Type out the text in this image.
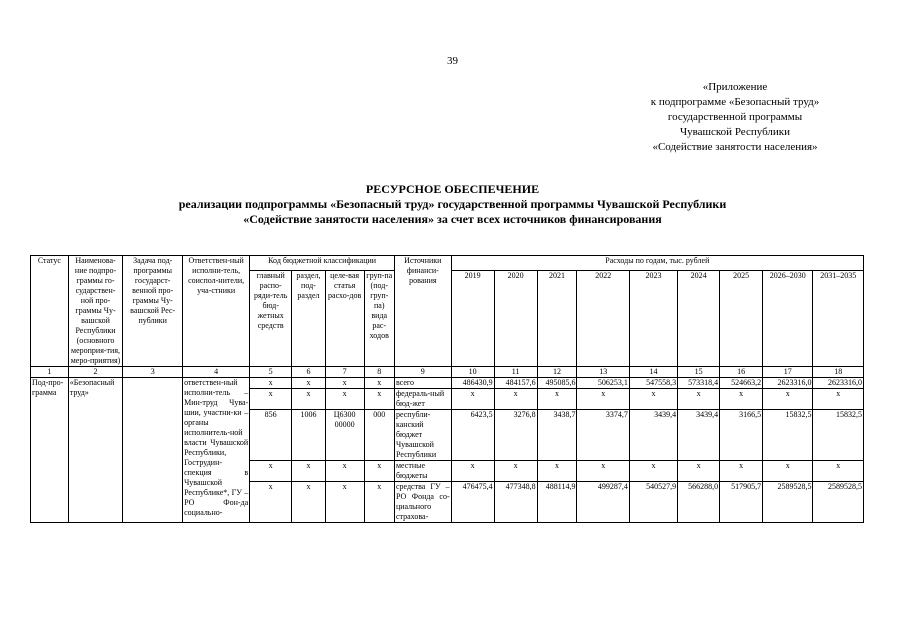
39
«Приложение
к подпрограмме «Безопасный труд»
государственной программы
Чувашской Республики
«Содействие занятости населения»
РЕСУРСНОЕ ОБЕСПЕЧЕНИЕ
реализации подпрограммы «Безопасный труд» государственной программы Чувашской Республики
«Содействие занятости населения» за счет всех источников финансирования
Статус	Наименова-ние подпро-граммы го-сударствен-ной про-граммы Чу-вашской Республики (основного мероприя-тия, меро-приятия)	Задача под-программы государст-венной про-граммы Чу-вашской Рес-публики	Ответствен-ный исполни-тель, соиспол-нители, уча-стники	Код бюджетной классификации				Источники финанси-рования	Расходы по годам, тыс. рублей								
				главный распо-ряди-тель бюд-жетных средств	раздел, под-раздел	целе-вая статья расхо-дов	груп-па (под-груп-па) вида рас-ходов		2019	2020	2021	2022	2023	2024	2025	2026–2030	2031–2035
1	2	3	4	5	6	7	8	9	10	11	12	13	14	15	16	17	18
Под-про-грамма	«Безопасный труд»		ответствен-ный исполни-тель – Мин-труд Чува-шии, участни-ки – органы исполнитель-ной власти Чувашской Республики, Гострудин-спекция в Чувашской Республике*, ГУ – РО Фон-да социально-	x	x	x	x	всего	486430,9	484157,6	495085,6	506253,1	547558,3	573318,4	524663,2	2623316,0	2623316,0
				x	x	x	x	федераль-ный бюд-жет	x	x	x	x	x	x	x	x	x
				856	1006	Ц6300 00000	000	республи-канский бюджет Чувашской Республики	6423,5	3276,8	3438,7	3374,7	3439,4	3439,4	3166,5	15832,5	15832,5
				x	x	x	x	местные бюджеты	x	x	x	x	x	x	x	x	x
				x	x	x	x	средства ГУ – РО Фонда со-циального страхова-	476475,4	477348,8	488114,9	499287,4	540527,9	566288,0	517905,7	2589528,5	2589528,5
